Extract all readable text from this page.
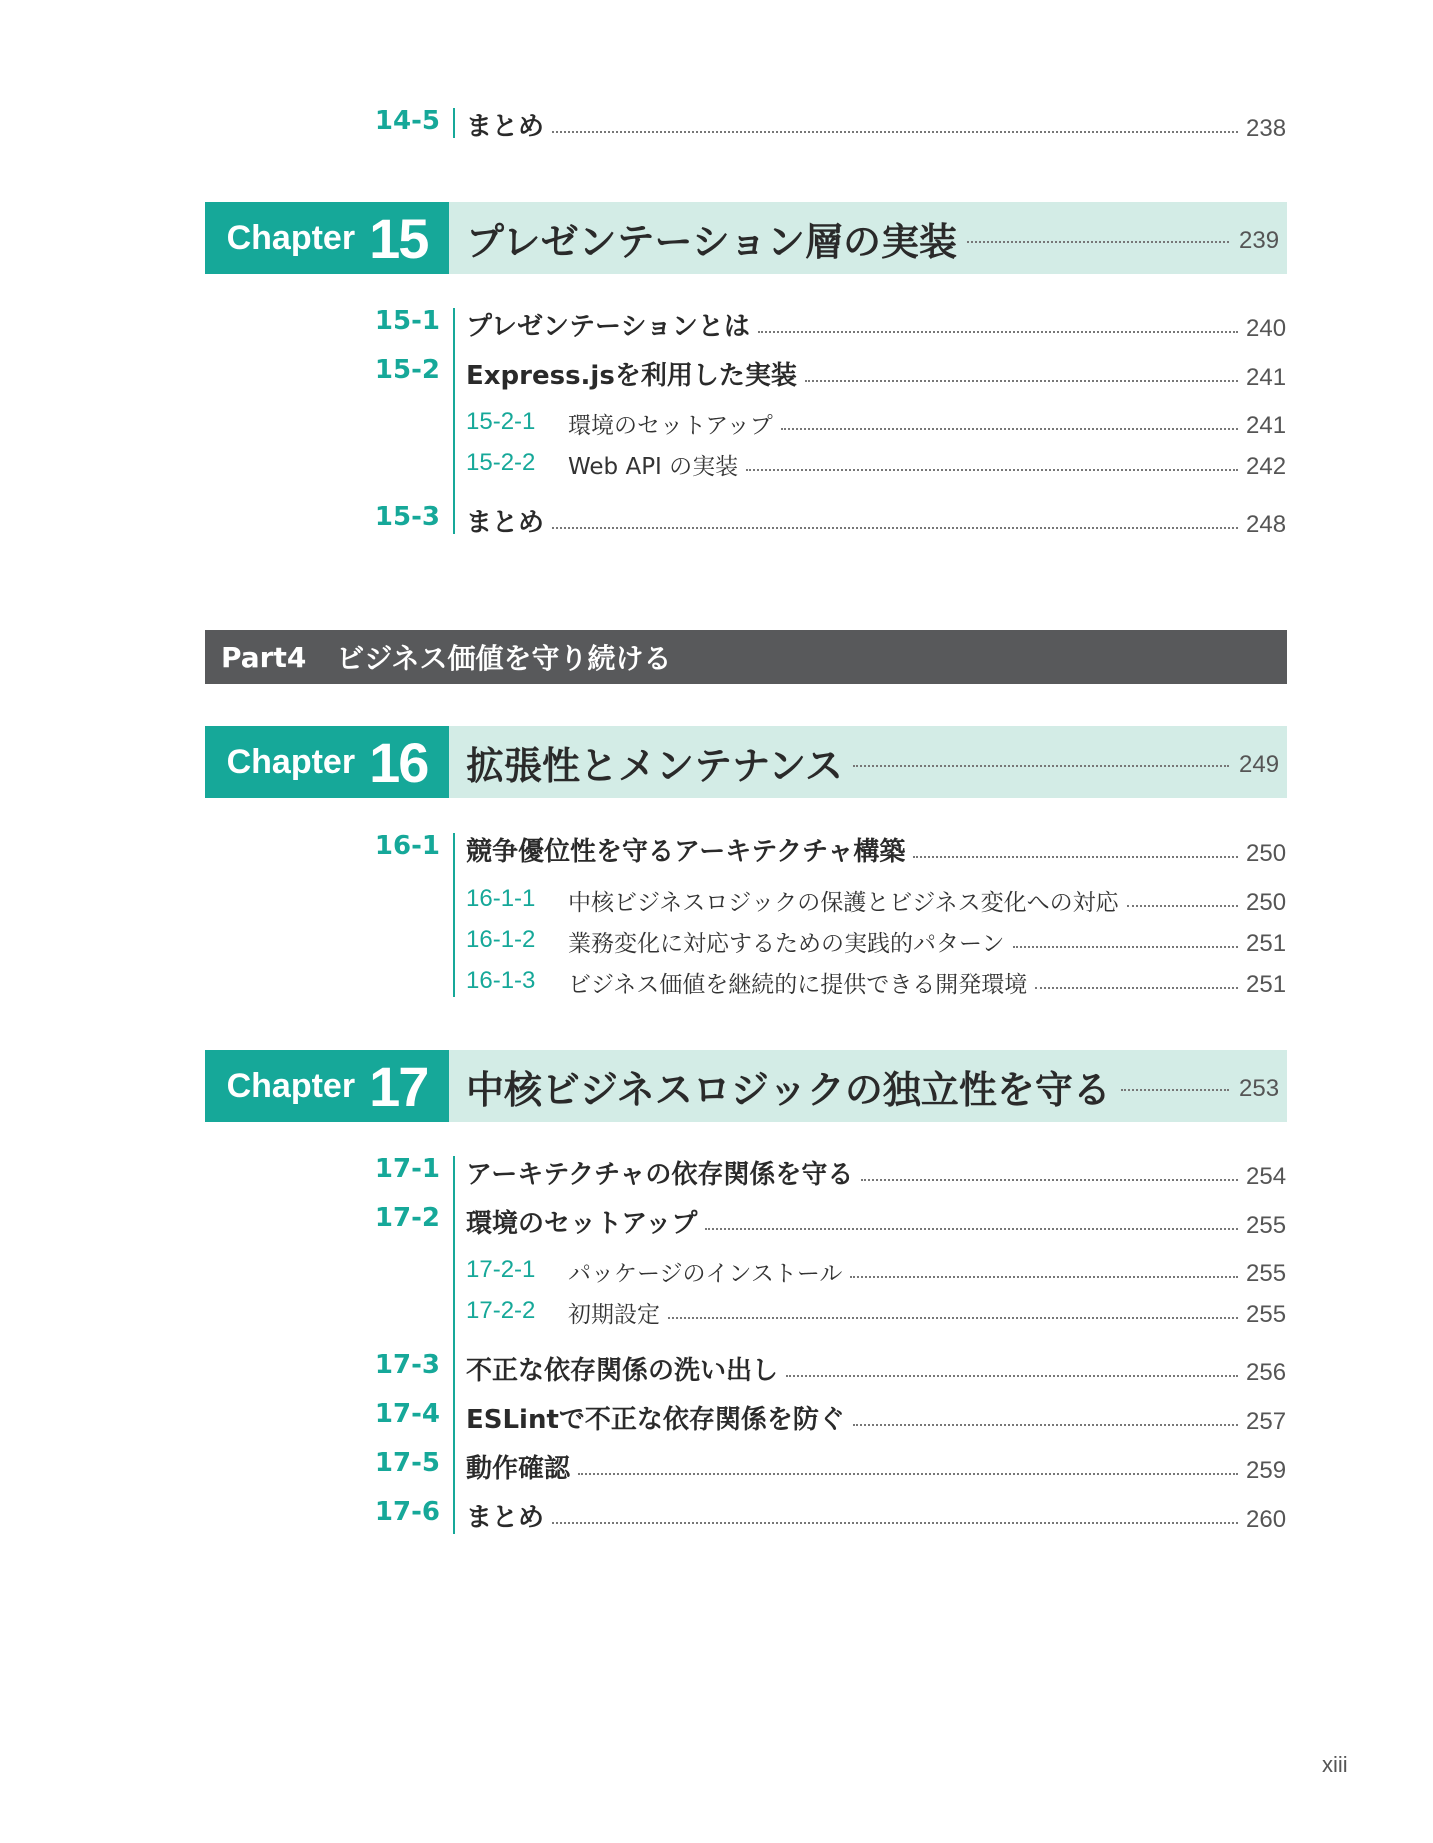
14-5 まとめ	238
Chapter 15 プレゼンテーション層の実装	239
15-1 プレゼンテーションとは	240
15-2 Express.jsを利用した実装	241
15-2-1	環境のセットアップ	241
15-2-2	Web API の実装	242
15-3 まとめ	248
Part4 ビジネス価値を守り続ける
Chapter 16 拡張性とメンテナンス	249
16-1 競争優位性を守るアーキテクチャ構築	250
16-1-1	中核ビジネスロジックの保護とビジネス変化への対応	250
16-1-2	業務変化に対応するための実践的パターン	251
16-1-3	ビジネス価値を継続的に提供できる開発環境	251
Chapter 17 中核ビジネスロジックの独立性を守る	253
17-1 アーキテクチャの依存関係を守る	254
17-2 環境のセットアップ	255
17-2-1	パッケージのインストール	255
17-2-2	初期設定	255
17-3 不正な依存関係の洗い出し	256
17-4 ESLintで不正な依存関係を防ぐ	257
17-5 動作確認	259
17-6 まとめ	260
xiii
